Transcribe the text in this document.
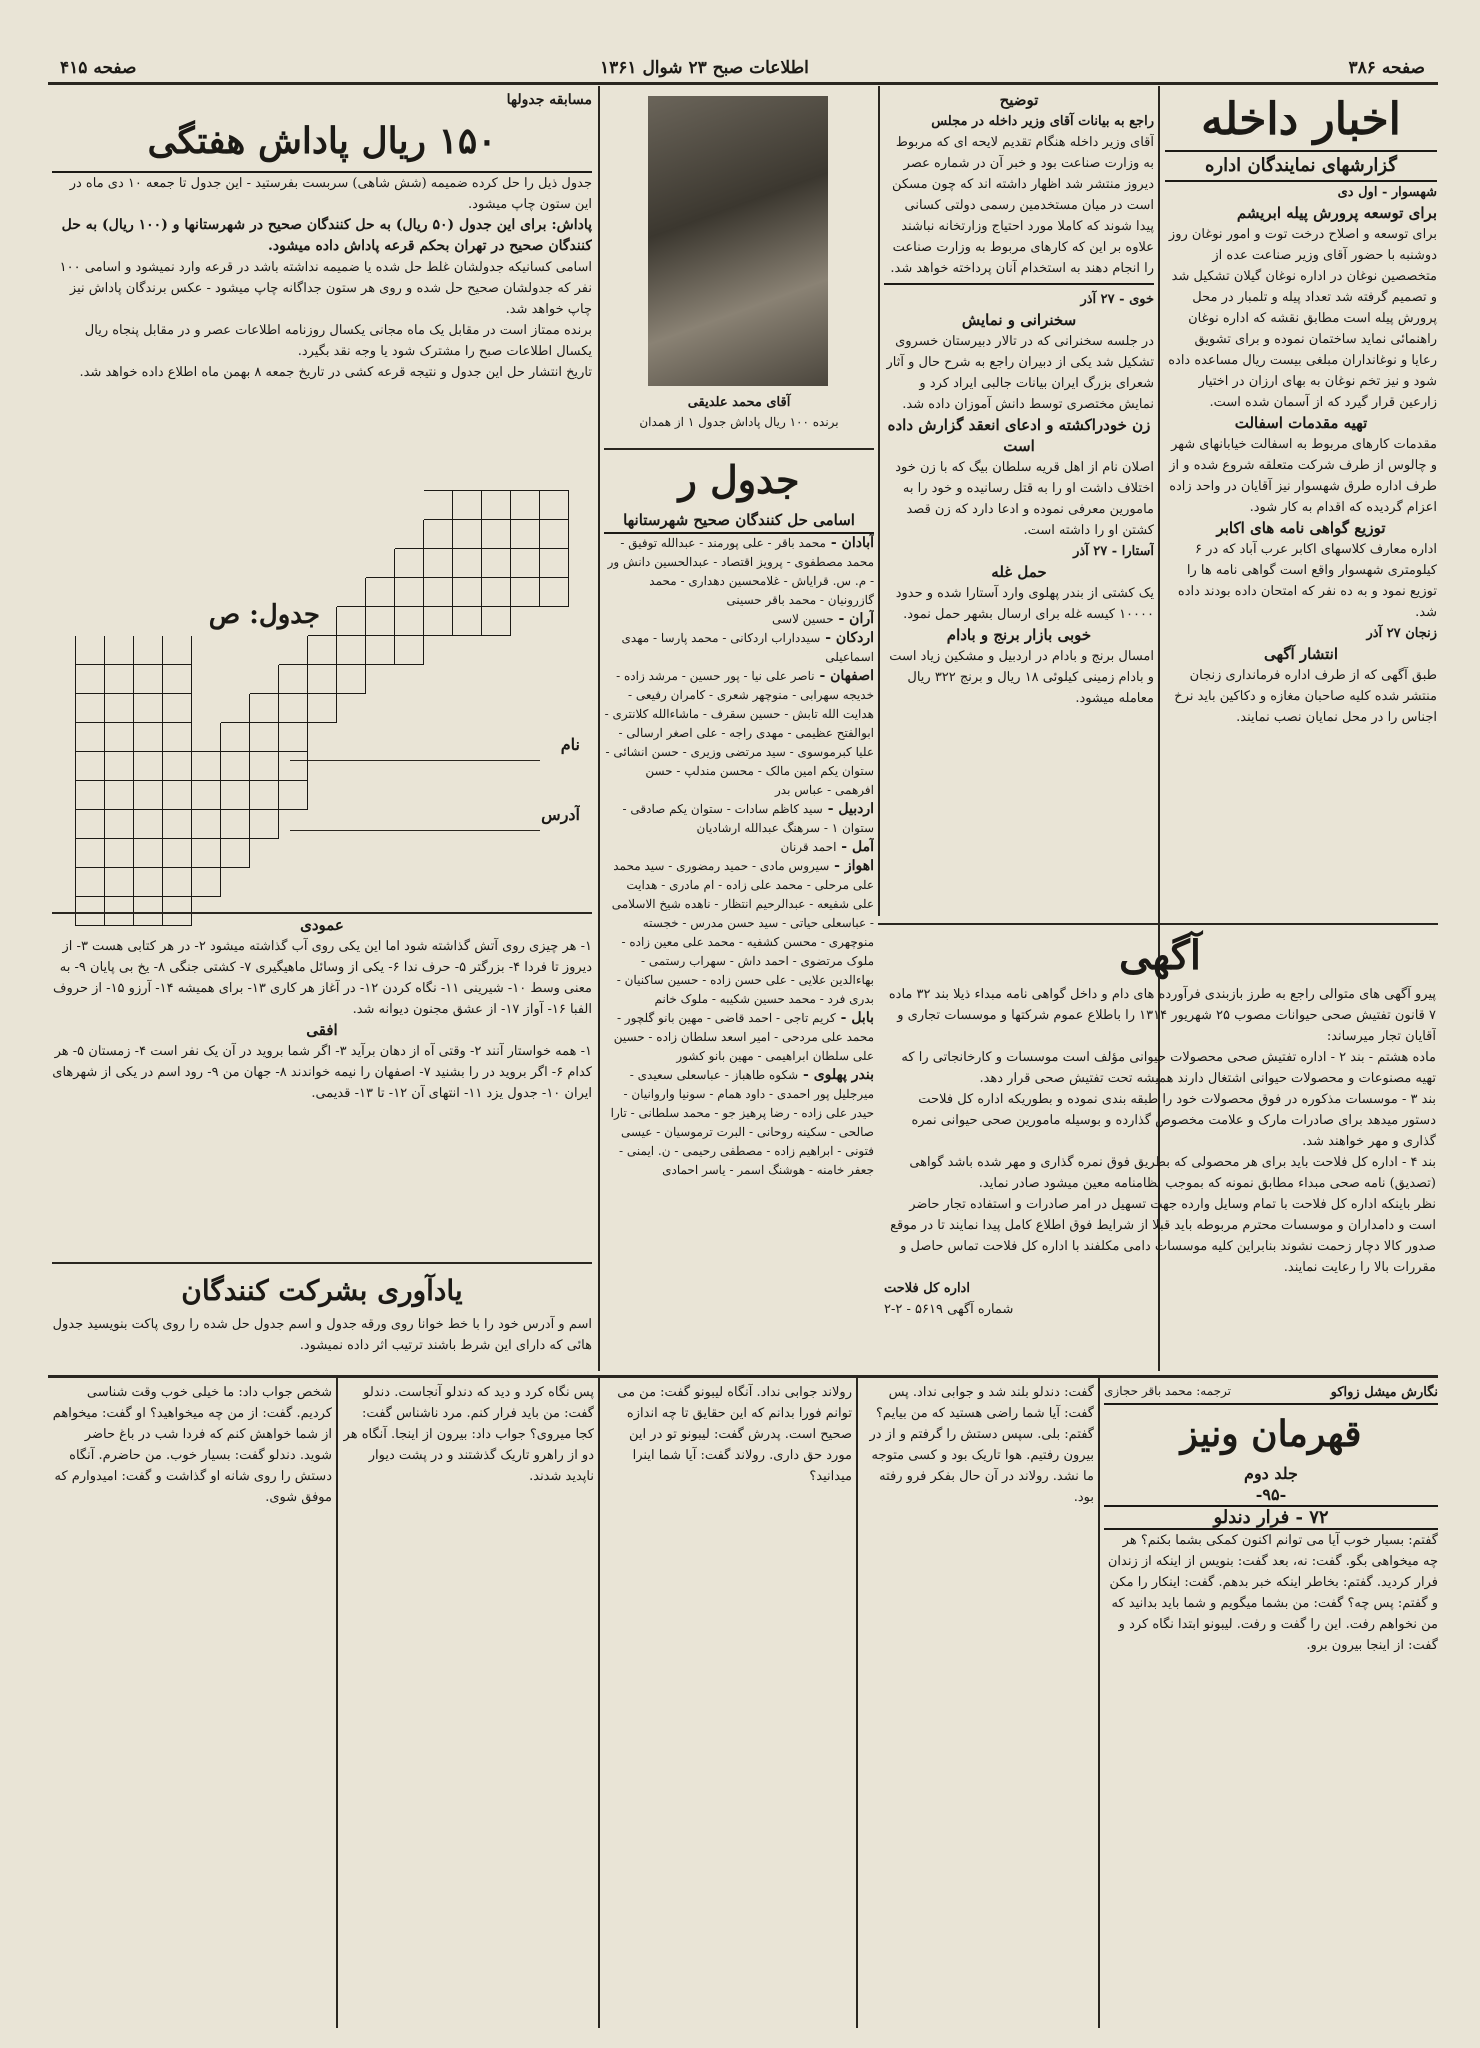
صفحه ۴۱۵	اطلاعات صبح ۲۳ شوال ۱۳۶۱	صفحه ۳۸۶
اخبار داخله
گزارشهای نمایندگان اداره

شهسوار - اول دی

برای توسعه پرورش پیله ابریشم

برای توسعه و اصلاح درخت توت و امور نوغان روز دوشنبه با حضور آقای وزیر صناعت عده از متخصصین نوغان در اداره نوغان گیلان تشکیل شد و تصمیم گرفته شد تعداد پیله و تلمبار در محل پرورش پیله است مطابق نقشه که اداره نوغان راهنمائی نماید ساختمان نموده و برای تشویق رعایا و نوغانداران مبلغی بیست ریال مساعده داده شود و نیز تخم نوغان به بهای ارزان در اختیار زارعین قرار گیرد که از آسمان شده است.

تهیه مقدمات اسفالت

مقدمات کارهای مربوط به اسفالت خیابانهای شهر و چالوس از طرف شرکت متعلقه شروع شده و از طرف اداره طرق شهسوار نیز آقایان در واحد زاده اعزام گردیده که اقدام به کار شود.

توزیع گواهی نامه های اکابر

اداره معارف کلاسهای اکابر عرب آباد که در ۶ کیلومتری شهسوار واقع است گواهی نامه ها را توزیع نمود و به ده نفر که امتحان داده بودند داده شد.

زنجان ۲۷ آذر

انتشار آگهی

طبق آگهی که از طرف اداره فرمانداری زنجان منتشر شده کلیه صاحبان مغازه و دکاکین باید نرخ اجناس را در محل نمایان نصب نمایند.

توضیح

راجع به بیانات آقای وزیر داخله در مجلس

آقای وزیر داخله هنگام تقدیم لایحه ای که مربوط به وزارت صناعت بود و خبر آن در شماره عصر دیروز منتشر شد اظهار داشته اند که چون مسکن است در میان مستخدمین رسمی دولتی کسانی پیدا شوند که کاملا مورد احتیاج وزارتخانه نباشند علاوه بر این که کارهای مربوط به وزارت صناعت را انجام دهند به استخدام آنان پرداخته خواهد شد.

خوی - ۲۷ آذر

سخنرانی و نمایش

در جلسه سخنرانی که در تالار دبیرستان خسروی تشکیل شد یکی از دبیران راجع به شرح حال و آثار شعرای بزرگ ایران بیانات جالبی ایراد کرد و نمایش مختصری توسط دانش آموزان داده شد.

زن خودراکشته و ادعای انعقد گزارش داده است

اصلان نام از اهل قریه سلطان بیگ که با زن خود اختلاف داشت او را به قتل رسانیده و خود را به مامورین معرفی نموده و ادعا دارد که زن قصد کشتن او را داشته است.

آستارا - ۲۷ آذر

حمل غله

یک کشتی از بندر پهلوی وارد آستارا شده و حدود ۱۰۰۰۰ کیسه غله برای ارسال بشهر حمل نمود.

خوبی بازار برنج و بادام

امسال برنج و بادام در اردبیل و مشکین زیاد است و بادام زمینی کیلوئی ۱۸ ریال و برنج ۳۲۲ ریال معامله میشود.

آگهی

پیرو آگهی های متوالی راجع به طرز بازبندی فرآورده های دام و داخل گواهی نامه مبداء ذیلا بند ۳۲ ماده ۷ قانون تفتیش صحی حیوانات مصوب ۲۵ شهریور ۱۳۱۴ را باطلاع عموم شرکتها و موسسات تجاری و آقایان تجار میرساند:

ماده هشتم - بند ۲ - اداره تفتیش صحی محصولات حیوانی مؤلف است موسسات و کارخانجاتی را که تهیه مصنوعات و محصولات حیوانی اشتغال دارند همیشه تحت تفتیش صحی قرار دهد.

بند ۳ - موسسات مذکوره در فوق محصولات خود را طبقه بندی نموده و بطوریکه اداره کل فلاحت دستور میدهد برای صادرات مارک و علامت مخصوص گذارده و بوسیله مامورین صحی حیوانی نمره گذاری و مهر خواهند شد.

بند ۴ - اداره کل فلاحت باید برای هر محصولی که بطریق فوق نمره گذاری و مهر شده باشد گواهی (تصدیق) نامه صحی مبداء مطابق نمونه که بموجب نظامنامه معین میشود صادر نماید.

نظر باینکه اداره کل فلاحت با تمام وسایل وارده جهت تسهیل در امر صادرات و استفاده تجار حاضر است و دامداران و موسسات محترم مربوطه باید قبلا از شرایط فوق اطلاع کامل پیدا نمایند تا در موقع صدور کالا دچار زحمت نشوند بنابراین کلیه موسسات دامی مکلفند با اداره کل فلاحت تماس حاصل و مقررات بالا را رعایت نمایند.

اداره کل فلاحت

شماره آگهی ۵۶۱۹ - ۲-۲

آقای محمد علدیقی

برنده ۱۰۰ ریال پاداش جدول ۱ از همدان

جدول ر
اسامی حل کنندگان صحیح شهرستانها

آبادان - محمد باقر - علی پورمند - عبدالله توفیق - محمد مصطفوی - پرویز اقتصاد - عبدالحسین دانش ور - م. س. قرایاش - غلامحسین دهداری - محمد گازرونیان - محمد باقر حسینی

آران - حسین لاسی

اردکان - سیدداراب اردکانی - محمد پارسا - مهدی اسماعیلی

اصفهان - ناصر علی نیا - پور حسین - مرشد زاده - خدیجه سهرابی - منوچهر شعری - کامران رفیعی - هدایت الله تابش - حسین سقرف - ماشاءالله کلانتری - ابوالفتح عظیمی - مهدی راجه - علی اصغر ارسالی - علیا کبرموسوی - سید مرتضی وزیری - حسن انشائی - ستوان یکم امین مالک - محسن مندلپ - حسن افرهمی - عباس بدر

اردبیل - سید کاظم سادات - ستوان یکم صادقی - ستوان ۱ - سرهنگ عبدالله ارشادیان

آمل - احمد قرنان

اهواز - سیروس مادی - حمید رمضوری - سید محمد علی مرحلی - محمد علی زاده - ام مادری - هدایت علی شفیعه - عبدالرحیم انتظار - ناهده شیخ الاسلامی - عباسعلی حیاتی - سید حسن مدرس - خجسته منوچهری - محسن کشفیه - محمد علی معین زاده - ملوک مرتضوی - احمد داش - سهراب رستمی - بهاءالدین علایی - علی حسن زاده - حسین ساکنیان - بدری فرد - محمد حسین شکیبه - ملوک خانم

بابل - کریم تاجی - احمد قاضی - مهین بانو گلچور - محمد علی مردحی - امیر اسعد سلطان زاده - حسین علی سلطان ابراهیمی - مهین بانو کشور

بندر پهلوی - شکوه طاهباز - عباسعلی سعیدی - میرجلیل پور احمدی - داود همام - سونیا واروانیان - حیدر علی زاده - رضا پرهیز جو - محمد سلطانی - تارا صالحی - سکینه روحانی - البرت ترموسیان - عیسی فتونی - ابراهیم زاده - مصطفی رحیمی - ن. ایمنی - جعفر خامنه - هوشنگ اسمر - یاسر احمادی

مسابقه جدولها

۱۵۰ ریال پاداش هفتگی

جدول ذیل را حل کرده ضمیمه (شش شاهی) سربست بفرستید - این جدول تا جمعه ۱۰ دی ماه در این ستون چاپ میشود.

پاداش: برای این جدول (۵۰ ریال) به حل کنندگان صحیح در شهرستانها و (۱۰۰ ریال) به حل کنندگان صحیح در تهران بحکم قرعه پاداش داده میشود.

اسامی کسانیکه جدولشان غلط حل شده یا ضمیمه نداشته باشد در قرعه وارد نمیشود و اسامی ۱۰۰ نفر که جدولشان صحیح حل شده و روی هر ستون جداگانه چاپ میشود - عکس برندگان پاداش نیز چاپ خواهد شد.

برنده ممتاز است در مقابل یک ماه مجانی یکسال روزنامه اطلاعات عصر و در مقابل پنجاه ریال یکسال اطلاعات صبح را مشترک شود یا وجه نقد بگیرد.

تاریخ انتشار حل این جدول و نتیجه قرعه کشی در تاریخ جمعه ۸ بهمن ماه اطلاع داده خواهد شد.

جدول: ص
نام
آدرس

عمودی

۱- هر چیزی روی آتش گذاشته شود اما این یکی روی آب گذاشته میشود ۲- در هر کتابی هست ۳- از دیروز تا فردا ۴- بزرگتر ۵- حرف ندا ۶- یکی از وسائل ماهیگیری ۷- کشتی جنگی ۸- یخ بی پایان ۹- به معنی وسط ۱۰- شیرینی ۱۱- نگاه کردن ۱۲- در آغاز هر کاری ۱۳- برای همیشه ۱۴- آرزو ۱۵- از حروف الفبا ۱۶- آواز ۱۷- از عشق مجنون دیوانه شد.

افقی

۱- همه خواستار آنند ۲- وقتی آه از دهان برآید ۳- اگر شما بروید در آن یک نفر است ۴- زمستان ۵- هر کدام ۶- اگر بروید در را بشنید ۷- اصفهان را نیمه خواندند ۸- جهان من ۹- رود اسم در یکی از شهرهای ایران ۱۰- جدول یزد ۱۱- انتهای آن ۱۲- تا ۱۳- قدیمی.

یادآوری بشرکت کنندگان

اسم و آدرس خود را با خط خوانا روی ورقه جدول و اسم جدول حل شده را روی پاکت بنویسید جدول هائی که دارای این شرط باشند ترتیب اثر داده نمیشود.

نگارش میشل زواکو
ترجمه: محمد باقر حجازی
قهرمان ونیز

جلد دوم

-۹۵-

۷۲ - فرار دندلو

گفتم: بسیار خوب آیا می توانم اکنون کمکی بشما بکنم؟ هر چه میخواهی بگو. گفت: نه، بعد گفت: بنویس از اینکه از زندان فرار کردید. گفتم: بخاطر اینکه خبر بدهم. گفت: اینکار را مکن و گفتم: پس چه؟ گفت: من بشما میگویم و شما باید بدانید که من نخواهم رفت. این را گفت و رفت. لیبونو ابتدا نگاه کرد و گفت: از اینجا بیرون برو.

گفت: دندلو بلند شد و جوابی نداد. پس گفت: آیا شما راضی هستید که من بیایم؟ گفتم: بلی. سپس دستش را گرفتم و از در بیرون رفتیم. هوا تاریک بود و کسی متوجه ما نشد. رولاند در آن حال بفکر فرو رفته بود.

رولاند جوابی نداد. آنگاه لیبونو گفت: من می توانم فورا بدانم که این حقایق تا چه اندازه صحیح است. پدرش گفت: لیبونو تو در این مورد حق داری. رولاند گفت: آیا شما اینرا میدانید؟

پس نگاه کرد و دید که دندلو آنجاست. دندلو گفت: من باید فرار کنم. مرد ناشناس گفت: کجا میروی؟ جواب داد: بیرون از اینجا. آنگاه هر دو از راهرو تاریک گذشتند و در پشت دیوار ناپدید شدند.

شخص جواب داد: ما خیلی خوب وقت شناسی کردیم. گفت: از من چه میخواهید؟ او گفت: میخواهم از شما خواهش کنم که فردا شب در باغ حاضر شوید. دندلو گفت: بسیار خوب. من حاضرم. آنگاه دستش را روی شانه او گذاشت و گفت: امیدوارم که موفق شوی.
